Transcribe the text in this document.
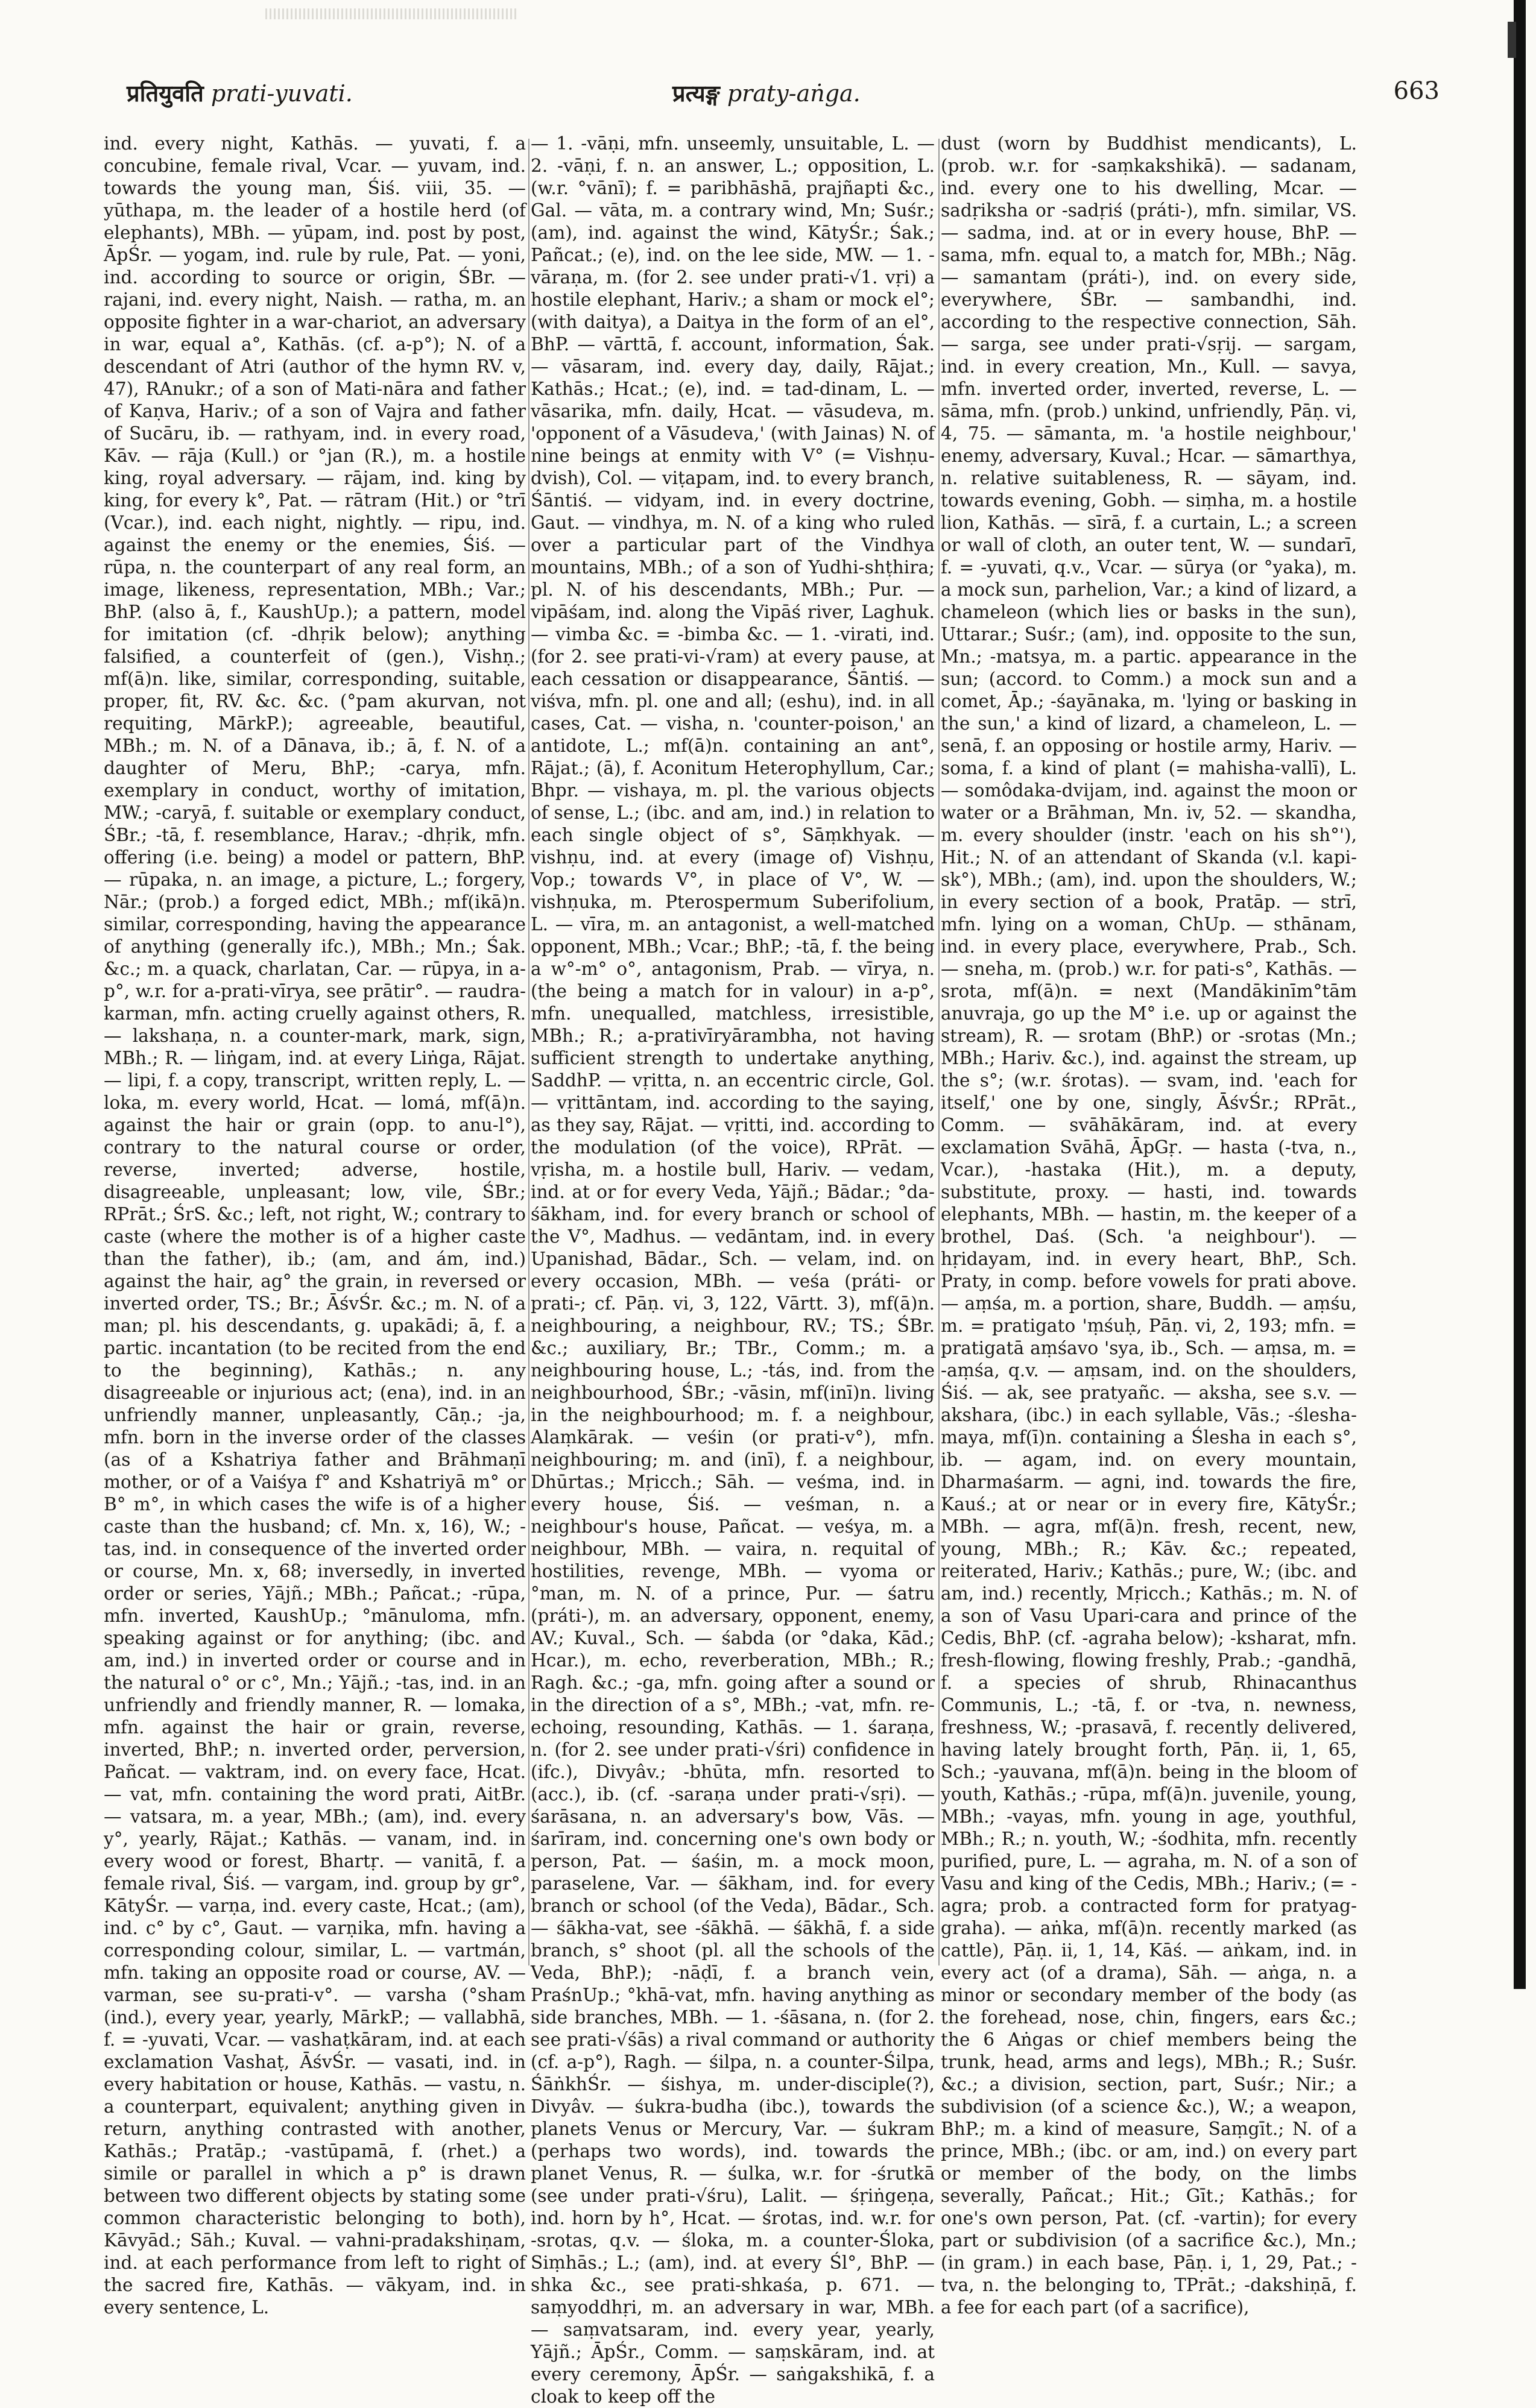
प्रतियुवति prati-yuvati.	प्रत्यङ्ग praty-aṅga.	663

ind. every night, Kathās. — yuvati, f. a concubine, female rival, Vcar. — yuvam, ind. towards the young man, Śiś. viii, 35. — yūthapa, m. the leader of a hostile herd (of elephants), MBh. — yūpam, ind. post by post, ĀpŚr. — yogam, ind. rule by rule, Pat. — yoni, ind. according to source or origin, ŚBr. — rajani, ind. every night, Naish. — ratha, m. an opposite fighter in a war-chariot, an adversary in war, equal a°, Kathās. (cf. a-p°); N. of a descendant of Atri (author of the hymn RV. v, 47), RAnukr.; of a son of Mati-nāra and father of Kaṇva, Hariv.; of a son of Vajra and father of Sucāru, ib. — rathyam, ind. in every road, Kāv. — rāja (Kull.) or °jan (R.), m. a hostile king, royal adversary. — rājam, ind. king by king, for every k°, Pat. — rātram (Hit.) or °trī (Vcar.), ind. each night, nightly. — ripu, ind. against the enemy or the enemies, Śiś. — rūpa, n. the counterpart of any real form, an image, likeness, representation, MBh.; Var.; BhP. (also ā, f., KaushUp.); a pattern, model for imitation (cf. -dhṛik below); anything falsified, a counterfeit of (gen.), Vishṇ.; mf(ā)n. like, similar, corresponding, suitable, proper, fit, RV. &c. &c. (°pam akurvan, not requiting, MārkP.); agreeable, beautiful, MBh.; m. N. of a Dānava, ib.; ā, f. N. of a daughter of Meru, BhP.; -carya, mfn. exemplary in conduct, worthy of imitation, MW.; -caryā, f. suitable or exemplary conduct, ŚBr.; -tā, f. resemblance, Harav.; -dhṛik, mfn. offering (i.e. being) a model or pattern, BhP. — rūpaka, n. an image, a picture, L.; forgery, Nār.; (prob.) a forged edict, MBh.; mf(ikā)n. similar, corresponding, having the appearance of anything (generally ifc.), MBh.; Mn.; Śak. &c.; m. a quack, charlatan, Car. — rūpya, in a-p°, w.r. for a-prati-vīrya, see prātir°. — raudra-karman, mfn. acting cruelly against others, R. — lakshaṇa, n. a counter-mark, mark, sign, MBh.; R. — liṅgam, ind. at every Liṅga, Rājat. — lipi, f. a copy, transcript, written reply, L. — loka, m. every world, Hcat. — lomá, mf(ā)n. against the hair or grain (opp. to anu-l°), contrary to the natural course or order, reverse, inverted; adverse, hostile, disagreeable, unpleasant; low, vile, ŚBr.; RPrāt.; ŚrS. &c.; left, not right, W.; contrary to caste (where the mother is of a higher caste than the father), ib.; (am, and ám, ind.) against the hair, ag° the grain, in reversed or inverted order, TS.; Br.; ĀśvŚr. &c.; m. N. of a man; pl. his descendants, g. upakādi; ā, f. a partic. incantation (to be recited from the end to the beginning), Kathās.; n. any disagreeable or injurious act; (ena), ind. in an unfriendly manner, unpleasantly, Cāṇ.; -ja, mfn. born in the inverse order of the classes (as of a Kshatriya father and Brāhmaṇī mother, or of a Vaiśya f° and Kshatriyā m° or B° m°, in which cases the wife is of a higher caste than the husband; cf. Mn. x, 16), W.; -tas, ind. in consequence of the inverted order or course, Mn. x, 68; inversedly, in inverted order or series, Yājñ.; MBh.; Pañcat.; -rūpa, mfn. inverted, KaushUp.; °mānuloma, mfn. speaking against or for anything; (ibc. and am, ind.) in inverted order or course and in the natural o° or c°, Mn.; Yājñ.; -tas, ind. in an unfriendly and friendly manner, R. — lomaka, mfn. against the hair or grain, reverse, inverted, BhP.; n. inverted order, perversion, Pañcat. — vaktram, ind. on every face, Hcat. — vat, mfn. containing the word prati, AitBr. — vatsara, m. a year, MBh.; (am), ind. every y°, yearly, Rājat.; Kathās. — vanam, ind. in every wood or forest, Bhartṛ. — vanitā, f. a female rival, Śiś. — vargam, ind. group by gr°, KātyŚr. — varṇa, ind. every caste, Hcat.; (am), ind. c° by c°, Gaut. — varṇika, mfn. having a corresponding colour, similar, L. — vartmán, mfn. taking an opposite road or course, AV. — varman, see su-prati-v°. — varsha (°sham (ind.), every year, yearly, MārkP.; — vallabhā, f. = -yuvati, Vcar. — vashaṭkāram, ind. at each exclamation Vashaṭ, ĀśvŚr. — vasati, ind. in every habitation or house, Kathās. — vastu, n. a counterpart, equivalent; anything given in return, anything contrasted with another, Kathās.; Pratāp.; -vastūpamā, f. (rhet.) a simile or parallel in which a p° is drawn between two different objects by stating some common characteristic belonging to both), Kāvyād.; Sāh.; Kuval. — vahni-pradakshiṇam, ind. at each performance from left to right of the sacred fire, Kathās. — vākyam, ind. in every sentence, L.

— 1. -vāṇi, mfn. unseemly, unsuitable, L. — 2. -vāṇi, f. n. an answer, L.; opposition, L. (w.r. °vānī); f. = paribhāshā, prajñapti &c., Gal. — vāta, m. a contrary wind, Mn; Suśr.; (am), ind. against the wind, KātyŚr.; Śak.; Pañcat.; (e), ind. on the lee side, MW. — 1. -vāraṇa, m. (for 2. see under prati-√1. vṛi) a hostile elephant, Hariv.; a sham or mock el°; (with daitya), a Daitya in the form of an el°, BhP. — vārttā, f. account, information, Śak. — vāsaram, ind. every day, daily, Rājat.; Kathās.; Hcat.; (e), ind. = tad-dinam, L. — vāsarika, mfn. daily, Hcat. — vāsudeva, m. 'opponent of a Vāsudeva,' (with Jainas) N. of nine beings at enmity with V° (= Vishṇu-dvish), Col. — viṭapam, ind. to every branch, Śāntiś. — vidyam, ind. in every doctrine, Gaut. — vindhya, m. N. of a king who ruled over a particular part of the Vindhya mountains, MBh.; of a son of Yudhi-shṭhira; pl. N. of his descendants, MBh.; Pur. — vipāśam, ind. along the Vipāś river, Laghuk. — vimba &c. = -bimba &c. — 1. -virati, ind. (for 2. see prati-vi-√ram) at every pause, at each cessation or disappearance, Śāntiś. — viśva, mfn. pl. one and all; (eshu), ind. in all cases, Cat. — visha, n. 'counter-poison,' an antidote, L.; mf(ā)n. containing an ant°, Rājat.; (ā), f. Aconitum Heterophyllum, Car.; Bhpr. — vishaya, m. pl. the various objects of sense, L.; (ibc. and am, ind.) in relation to each single object of s°, Sāṃkhyak. — vishṇu, ind. at every (image of) Vishṇu, Vop.; towards V°, in place of V°, W. — vishṇuka, m. Pterospermum Suberifolium, L. — vīra, m. an antagonist, a well-matched opponent, MBh.; Vcar.; BhP.; -tā, f. the being a w°-m° o°, antagonism, Prab. — vīrya, n. (the being a match for in valour) in a-p°, mfn. unequalled, matchless, irresistible, MBh.; R.; a-prativīryārambha, not having sufficient strength to undertake anything, SaddhP. — vṛitta, n. an eccentric circle, Gol. — vṛittāntam, ind. according to the saying, as they say, Rājat. — vṛitti, ind. according to the modulation (of the voice), RPrāt. — vṛisha, m. a hostile bull, Hariv. — vedam, ind. at or for every Veda, Yājñ.; Bādar.; °da-śākham, ind. for every branch or school of the V°, Madhus. — vedāntam, ind. in every Upanishad, Bādar., Sch. — velam, ind. on every occasion, MBh. — veśa (práti- or prati-; cf. Pāṇ. vi, 3, 122, Vārtt. 3), mf(ā)n. neighbouring, a neighbour, RV.; TS.; ŚBr. &c.; auxiliary, Br.; TBr., Comm.; m. a neighbouring house, L.; -tás, ind. from the neighbourhood, ŚBr.; -vāsin, mf(inī)n. living in the neighbourhood; m. f. a neighbour, Alaṃkārak. — veśin (or prati-v°), mfn. neighbouring; m. and (inī), f. a neighbour, Dhūrtas.; Mṛicch.; Sāh. — veśma, ind. in every house, Śiś. — veśman, n. a neighbour's house, Pañcat. — veśya, m. a neighbour, MBh. — vaira, n. requital of hostilities, revenge, MBh. — vyoma or °man, m. N. of a prince, Pur. — śatru (práti-), m. an adversary, opponent, enemy, AV.; Kuval., Sch. — śabda (or °daka, Kād.; Hcar.), m. echo, reverberation, MBh.; R.; Ragh. &c.; -ga, mfn. going after a sound or in the direction of a s°, MBh.; -vat, mfn. re-echoing, resounding, Kathās. — 1. śaraṇa, n. (for 2. see under prati-√śri) confidence in (ifc.), Divyâv.; -bhūta, mfn. resorted to (acc.), ib. (cf. -saraṇa under prati-√sṛi). — śarāsana, n. an adversary's bow, Vās. — śarīram, ind. concerning one's own body or person, Pat. — śaśin, m. a mock moon, paraselene, Var. — śākham, ind. for every branch or school (of the Veda), Bādar., Sch. — śākha-vat, see -śākhā. — śākhā, f. a side branch, s° shoot (pl. all the schools of the Veda, BhP.); -nāḍī, f. a branch vein, PraśnUp.; °khā-vat, mfn. having anything as side branches, MBh. — 1. -śāsana, n. (for 2. see prati-√śās) a rival command or authority (cf. a-p°), Ragh. — śilpa, n. a counter-Śilpa, ŚāṅkhŚr. — śishya, m. under-disciple(?), Divyâv. — śukra-budha (ibc.), towards the planets Venus or Mercury, Var. — śukram (perhaps two words), ind. towards the planet Venus, R. — śulka, w.r. for -śrutkā (see under prati-√śru), Lalit. — śṛiṅgeṇa, ind. horn by h°, Hcat. — śrotas, ind. w.r. for -srotas, q.v. — śloka, m. a counter-Śloka, Siṃhās.; L.; (am), ind. at every Śl°, BhP. — shka &c., see prati-shkaśa, p. 671. — saṃyoddhṛi, m. an adversary in war, MBh. — saṃvatsaram, ind. every year, yearly, Yājñ.; ĀpŚr., Comm. — saṃskāram, ind. at every ceremony, ĀpŚr. — saṅgakshikā, f. a cloak to keep off the

dust (worn by Buddhist mendicants), L. (prob. w.r. for -saṃkakshikā). — sadanam, ind. every one to his dwelling, Mcar. — sadṛiksha or -sadṛiś (práti-), mfn. similar, VS. — sadma, ind. at or in every house, BhP. — sama, mfn. equal to, a match for, MBh.; Nāg. — samantam (práti-), ind. on every side, everywhere, ŚBr. — sambandhi, ind. according to the respective connection, Sāh. — sarga, see under prati-√sṛij. — sargam, ind. in every creation, Mn., Kull. — savya, mfn. inverted order, inverted, reverse, L. — sāma, mfn. (prob.) unkind, unfriendly, Pāṇ. vi, 4, 75. — sāmanta, m. 'a hostile neighbour,' enemy, adversary, Kuval.; Hcar. — sāmarthya, n. relative suitableness, R. — sāyam, ind. towards evening, Gobh. — siṃha, m. a hostile lion, Kathās. — sīrā, f. a curtain, L.; a screen or wall of cloth, an outer tent, W. — sundarī, f. = -yuvati, q.v., Vcar. — sūrya (or °yaka), m. a mock sun, parhelion, Var.; a kind of lizard, a chameleon (which lies or basks in the sun), Uttarar.; Suśr.; (am), ind. opposite to the sun, Mn.; -matsya, m. a partic. appearance in the sun; (accord. to Comm.) a mock sun and a comet, Āp.; -śayānaka, m. 'lying or basking in the sun,' a kind of lizard, a chameleon, L. — senā, f. an opposing or hostile army, Hariv. — soma, f. a kind of plant (= mahisha-vallī), L. — somôdaka-dvijam, ind. against the moon or water or a Brāhman, Mn. iv, 52. — skandha, m. every shoulder (instr. 'each on his sh°'), Hit.; N. of an attendant of Skanda (v.l. kapi-sk°), MBh.; (am), ind. upon the shoulders, W.; in every section of a book, Pratāp. — strī, mfn. lying on a woman, ChUp. — sthānam, ind. in every place, everywhere, Prab., Sch. — sneha, m. (prob.) w.r. for pati-s°, Kathās. — srota, mf(ā)n. = next (Mandākinīm°tām anuvraja, go up the M° i.e. up or against the stream), R. — srotam (BhP.) or -srotas (Mn.; MBh.; Hariv. &c.), ind. against the stream, up the s°; (w.r. śrotas). — svam, ind. 'each for itself,' one by one, singly, ĀśvŚr.; RPrāt., Comm. — svāhākāram, ind. at every exclamation Svāhā, ĀpGṛ. — hasta (-tva, n., Vcar.), -hastaka (Hit.), m. a deputy, substitute, proxy. — hasti, ind. towards elephants, MBh. — hastin, m. the keeper of a brothel, Daś. (Sch. 'a neighbour'). — hṛidayam, ind. in every heart, BhP., Sch. Praty, in comp. before vowels for prati above. — aṃśa, m. a portion, share, Buddh. — aṃśu, m. = pratigato 'ṃśuḥ, Pāṇ. vi, 2, 193; mfn. = pratigatā aṃśavo 'sya, ib., Sch. — aṃsa, m. = -aṃśa, q.v. — aṃsam, ind. on the shoulders, Śiś. — ak, see pratyañc. — aksha, see s.v. — akshara, (ibc.) in each syllable, Vās.; -ślesha-maya, mf(ī)n. containing a Ślesha in each s°, ib. — agam, ind. on every mountain, Dharmaśarm. — agni, ind. towards the fire, Kauś.; at or near or in every fire, KātyŚr.; MBh. — agra, mf(ā)n. fresh, recent, new, young, MBh.; R.; Kāv. &c.; repeated, reiterated, Hariv.; Kathās.; pure, W.; (ibc. and am, ind.) recently, Mṛicch.; Kathās.; m. N. of a son of Vasu Upari-cara and prince of the Cedis, BhP. (cf. -agraha below); -ksharat, mfn. fresh-flowing, flowing freshly, Prab.; -gandhā, f. a species of shrub, Rhinacanthus Communis, L.; -tā, f. or -tva, n. newness, freshness, W.; -prasavā, f. recently delivered, having lately brought forth, Pāṇ. ii, 1, 65, Sch.; -yauvana, mf(ā)n. being in the bloom of youth, Kathās.; -rūpa, mf(ā)n. juvenile, young, MBh.; -vayas, mfn. young in age, youthful, MBh.; R.; n. youth, W.; -śodhita, mfn. recently purified, pure, L. — agraha, m. N. of a son of Vasu and king of the Cedis, MBh.; Hariv.; (= -agra; prob. a contracted form for pratyag-graha). — aṅka, mf(ā)n. recently marked (as cattle), Pāṇ. ii, 1, 14, Kāś. — aṅkam, ind. in every act (of a drama), Sāh. — aṅga, n. a minor or secondary member of the body (as the forehead, nose, chin, fingers, ears &c.; the 6 Aṅgas or chief members being the trunk, head, arms and legs), MBh.; R.; Suśr. &c.; a division, section, part, Suśr.; Nir.; a subdivision (of a science &c.), W.; a weapon, BhP.; m. a kind of measure, Saṃgīt.; N. of a prince, MBh.; (ibc. or am, ind.) on every part or member of the body, on the limbs severally, Pañcat.; Hit.; Gīt.; Kathās.; for one's own person, Pat. (cf. -vartin); for every part or subdivision (of a sacrifice &c.), Mn.; (in gram.) in each base, Pāṇ. i, 1, 29, Pat.; -tva, n. the belonging to, TPrāt.; -dakshiṇā, f. a fee for each part (of a sacrifice),
